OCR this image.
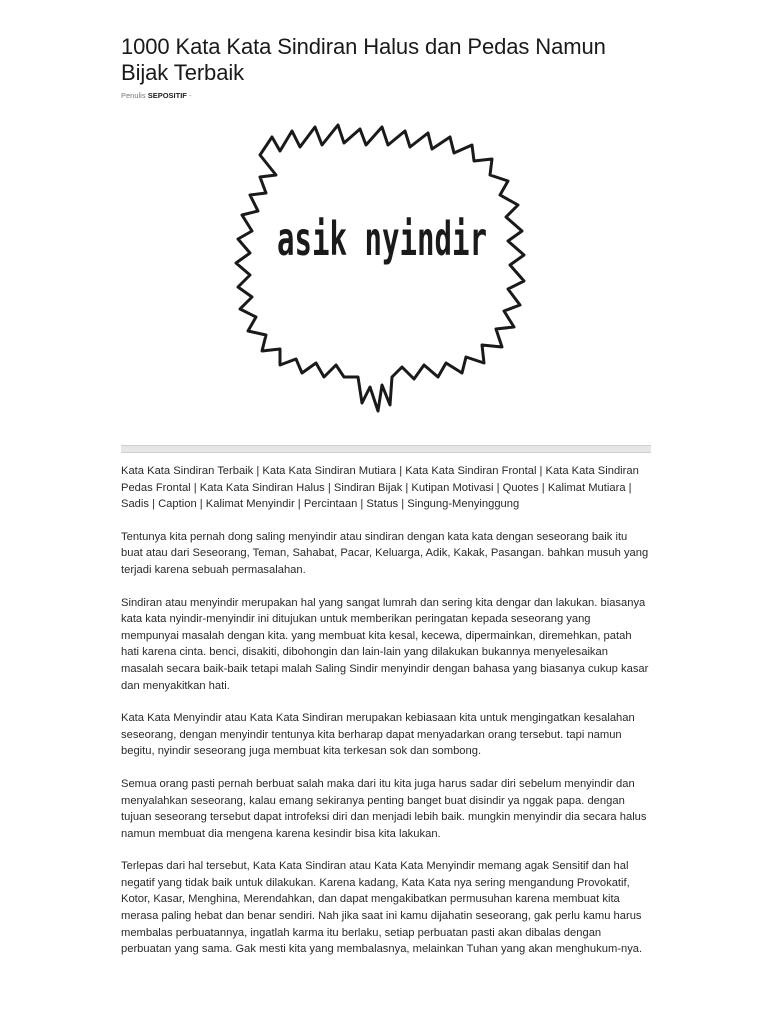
1000 Kata Kata Sindiran Halus dan Pedas Namun Bijak Terbaik
Penulis SEPOSITIF -
asik nyindir

Kata Kata Sindiran Terbaik | Kata Kata Sindiran Mutiara | Kata Kata Sindiran Frontal | Kata Kata Sindiran Pedas Frontal | Kata Kata Sindiran Halus | Sindiran Bijak | Kutipan Motivasi | Quotes | Kalimat Mutiara | Sadis | Caption | Kalimat Menyindir | Percintaan | Status | Singung-Menyinggung

Tentunya kita pernah dong saling menyindir atau sindiran dengan kata kata dengan seseorang baik itu buat atau dari Seseorang, Teman, Sahabat, Pacar, Keluarga, Adik, Kakak, Pasangan. bahkan musuh yang terjadi karena sebuah permasalahan.

Sindiran atau menyindir merupakan hal yang sangat lumrah dan sering kita dengar dan lakukan. biasanya kata kata nyindir-menyindir ini ditujukan untuk memberikan peringatan kepada seseorang yang mempunyai masalah dengan kita. yang membuat kita kesal, kecewa, dipermainkan, diremehkan, patah hati karena cinta. benci, disakiti, dibohongin dan lain-lain yang dilakukan bukannya menyelesaikan masalah secara baik-baik tetapi malah Saling Sindir menyindir dengan bahasa yang biasanya cukup kasar dan menyakitkan hati.

Kata Kata Menyindir atau Kata Kata Sindiran merupakan kebiasaan kita untuk mengingatkan kesalahan seseorang, dengan menyindir tentunya kita berharap dapat menyadarkan orang tersebut. tapi namun begitu, nyindir seseorang juga membuat kita terkesan sok dan sombong.

Semua orang pasti pernah berbuat salah maka dari itu kita juga harus sadar diri sebelum menyindir dan menyalahkan seseorang, kalau emang sekiranya penting banget buat disindir ya nggak papa. dengan tujuan seseorang tersebut dapat introfeksi diri dan menjadi lebih baik. mungkin menyindir dia secara halus namun membuat dia mengena karena kesindir bisa kita lakukan.

Terlepas dari hal tersebut, Kata Kata Sindiran atau Kata Kata Menyindir memang agak Sensitif dan hal negatif yang tidak baik untuk dilakukan. Karena kadang, Kata Kata nya sering mengandung Provokatif, Kotor, Kasar, Menghina, Merendahkan, dan dapat mengakibatkan permusuhan karena membuat kita merasa paling hebat dan benar sendiri. Nah jika saat ini kamu dijahatin seseorang, gak perlu kamu harus membalas perbuatannya, ingatlah karma itu berlaku, setiap perbuatan pasti akan dibalas dengan perbuatan yang sama. Gak mesti kita yang membalasnya, melainkan Tuhan yang akan menghukum-nya.
